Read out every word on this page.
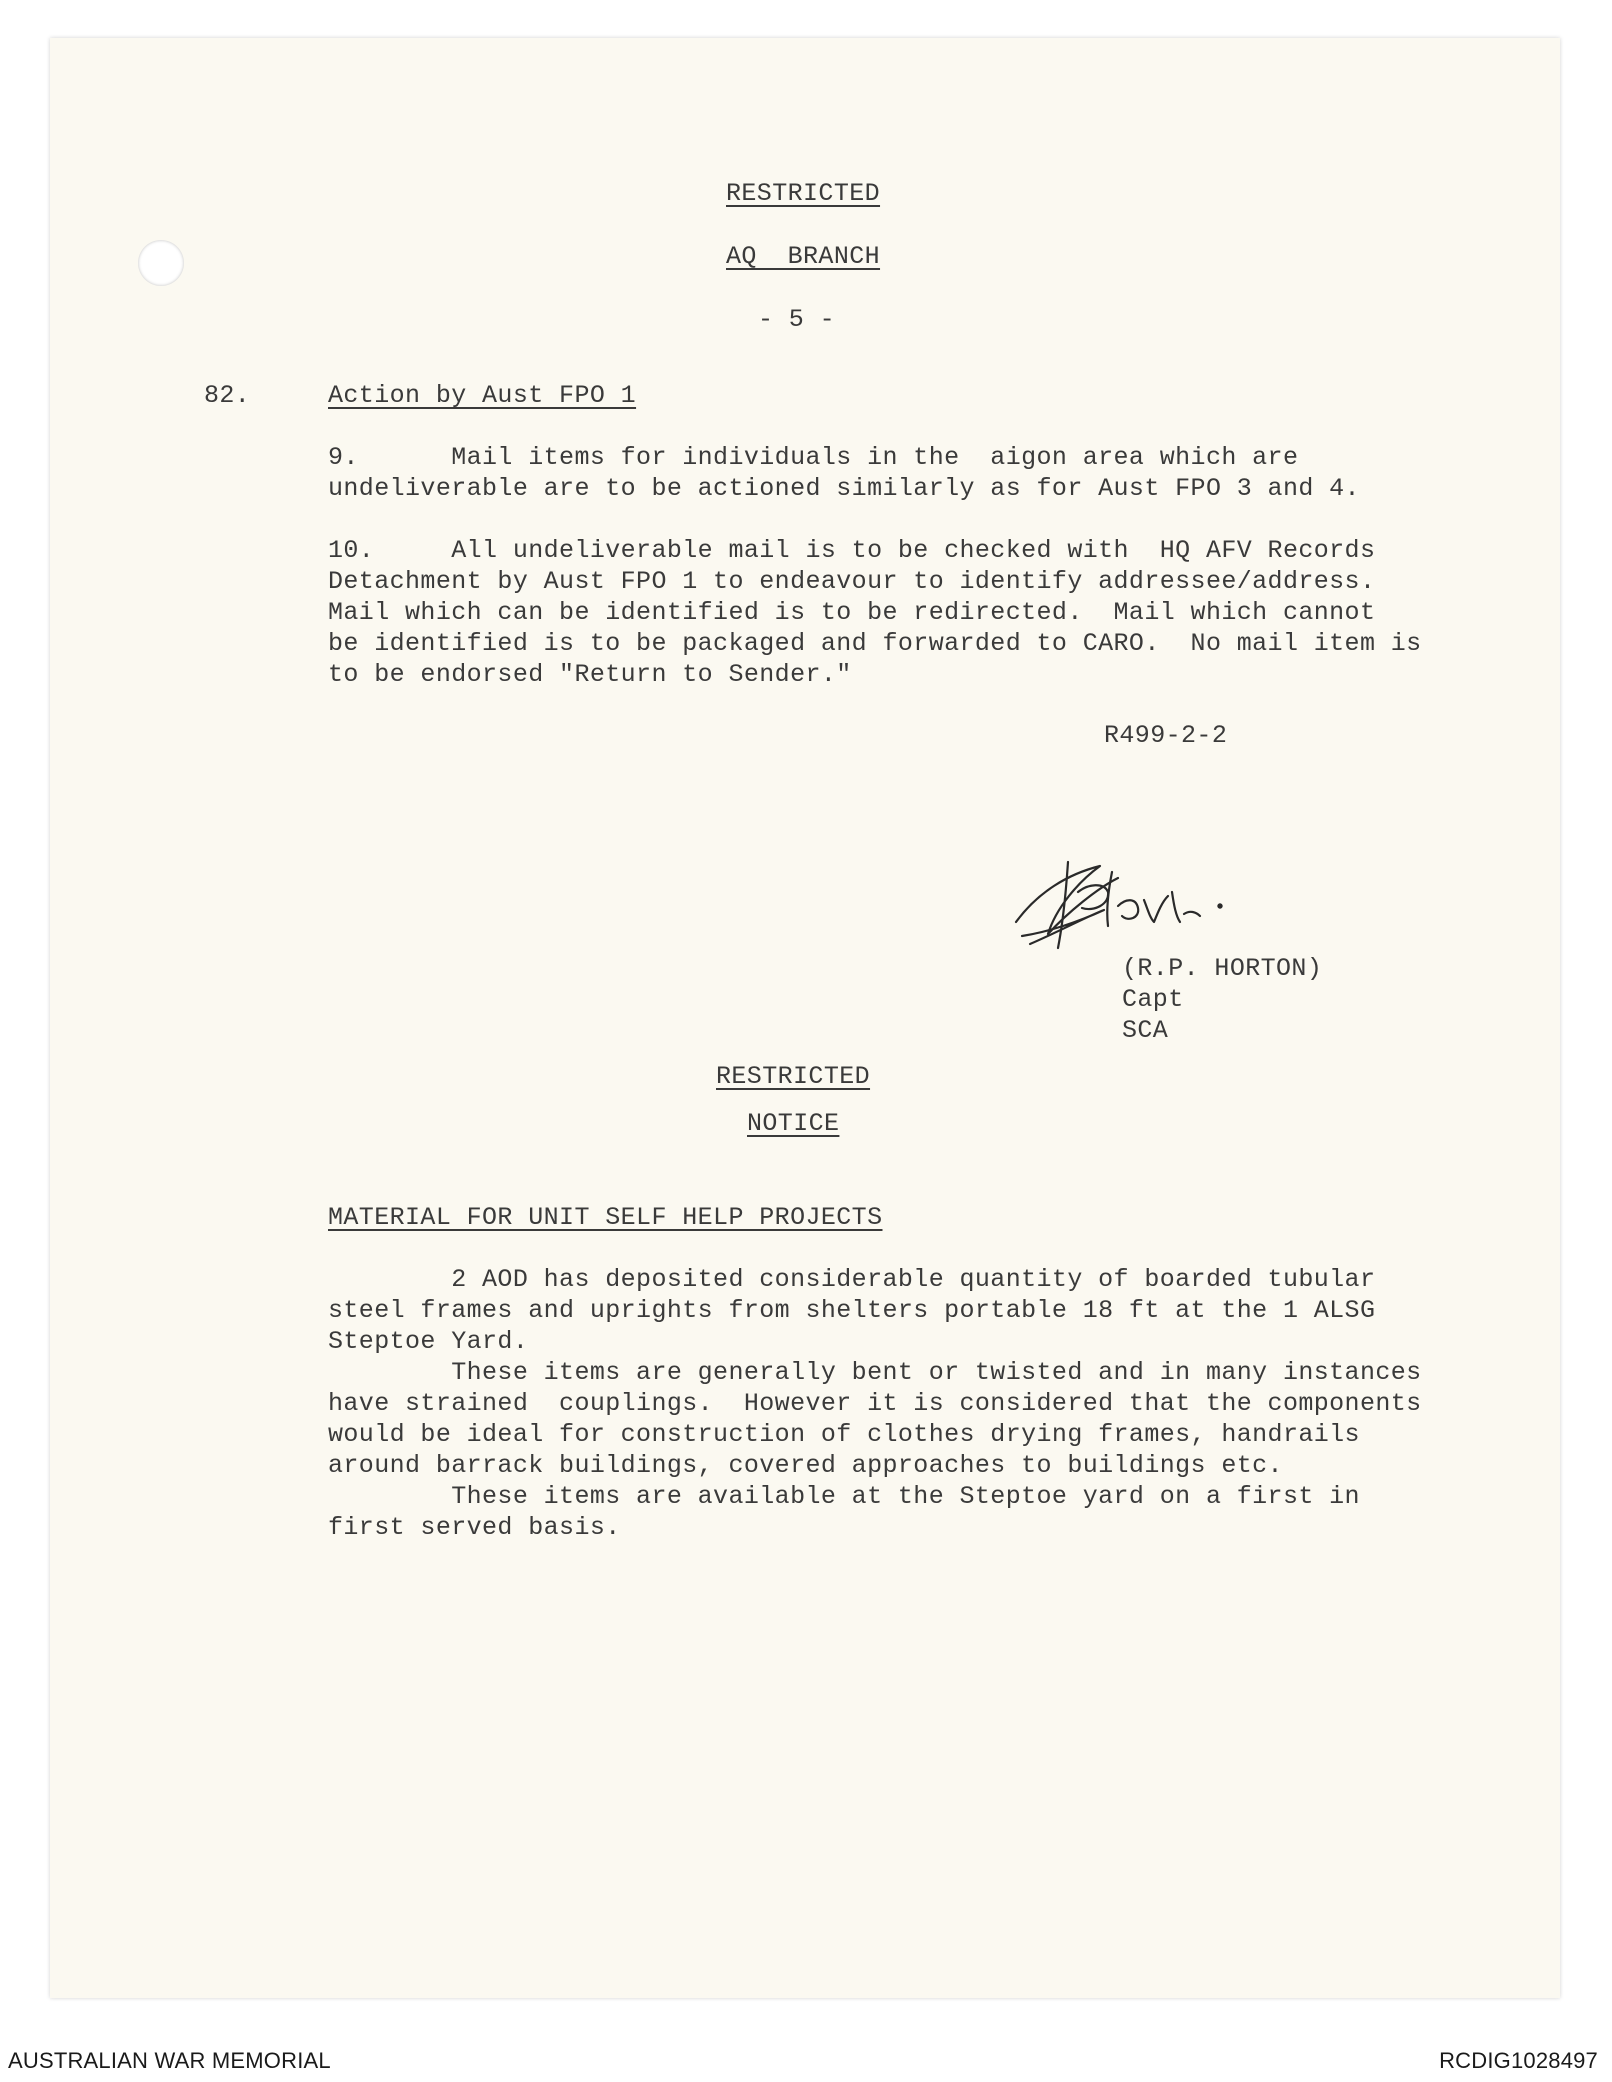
RESTRICTED
AQ  BRANCH
- 5 -
82.	Action by Aust FPO 1
9.      Mail items for individuals in the  aigon area which are
undeliverable are to be actioned similarly as for Aust FPO 3 and 4.
10.     All undeliverable mail is to be checked with  HQ AFV Records
Detachment by Aust FPO 1 to endeavour to identify addressee/address.
Mail which can be identified is to be redirected.  Mail which cannot
be identified is to be packaged and forwarded to CARO.  No mail item is
to be endorsed "Return to Sender."
R499-2-2
(R.P. HORTON)
Capt
SCA
RESTRICTED
NOTICE
MATERIAL FOR UNIT SELF HELP PROJECTS
2 AOD has deposited considerable quantity of boarded tubular
steel frames and uprights from shelters portable 18 ft at the 1 ALSG
Steptoe Yard.
These items are generally bent or twisted and in many instances
have strained  couplings.  However it is considered that the components
would be ideal for construction of clothes drying frames, handrails
around barrack buildings, covered approaches to buildings etc.
These items are available at the Steptoe yard on a first in
first served basis.
AUSTRALIAN WAR MEMORIAL	RCDIG1028497
